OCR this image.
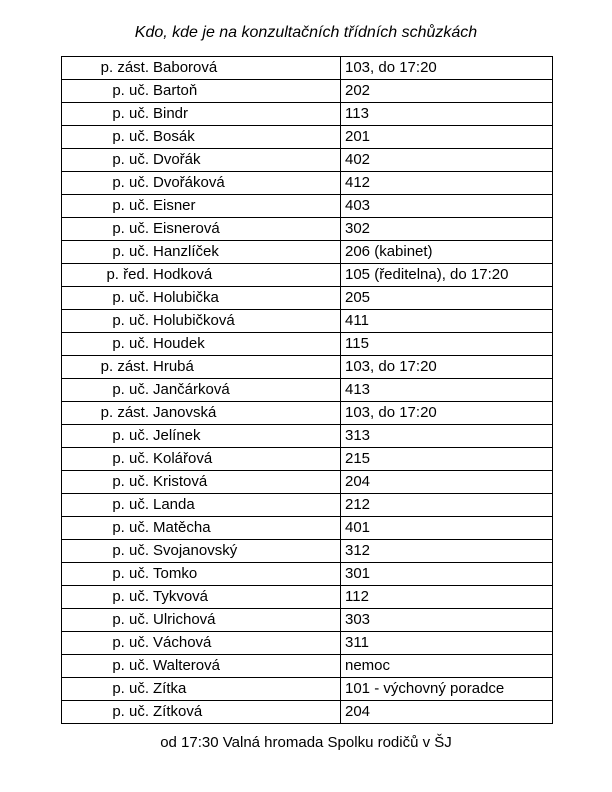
Kdo, kde je na konzultačních třídních schůzkách
p. zást. Baborová	103, do 17:20

p. uč. Bartoň	202

p. uč. Bindr	113

p. uč. Bosák	201

p. uč. Dvořák	402

p. uč. Dvořáková	412

p. uč. Eisner	403

p. uč. Eisnerová	302

p. uč. Hanzlíček	206 (kabinet)

p. řed. Hodková	105 (ředitelna), do 17:20

p. uč. Holubička	205

p. uč. Holubičková	411

p. uč. Houdek	115

p. zást. Hrubá	103, do 17:20

p. uč. Jančárková	413

p. zást. Janovská	103, do 17:20

p. uč. Jelínek	313

p. uč. Kolářová	215

p. uč. Kristová	204

p. uč. Landa	212

p. uč. Matěcha	401

p. uč. Svojanovský	312

p. uč. Tomko	301

p. uč. Tykvová	112

p. uč. Ulrichová	303

p. uč. Váchová	311

p. uč. Walterová	nemoc

p. uč. Zítka	101 - výchovný poradce

p. uč. Zítková	204
od 17:30 Valná hromada Spolku rodičů v ŠJ
